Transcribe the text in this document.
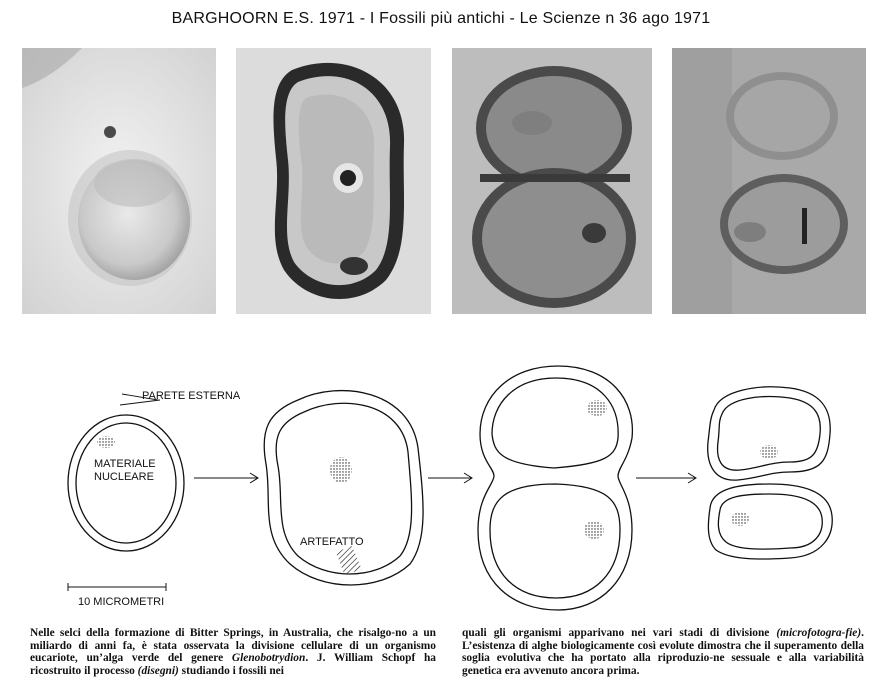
BARGHOORN E.S. 1971 - I Fossili più antichi - Le Scienze n 36 ago 1971
PARETE ESTERNA
MATERIALE
NUCLEARE
ARTEFATTO
10 MICROMETRI
Nelle selci della formazione di Bitter Springs, in Australia, che risalgo-no a un miliardo di anni fa, è stata osservata la divisione cellulare di un organismo eucariote, un’alga verde del genere Glenobotrydion. J. William Schopf ha ricostruito il processo (disegni) studiando i fossili nei
quali gli organismi apparivano nei vari stadi di divisione (microfotogra-fie). L’esistenza di alghe biologicamente così evolute dimostra che il superamento della soglia evolutiva che ha portato alla riproduzio-ne sessuale e alla variabilità genetica era avvenuto ancora prima.
